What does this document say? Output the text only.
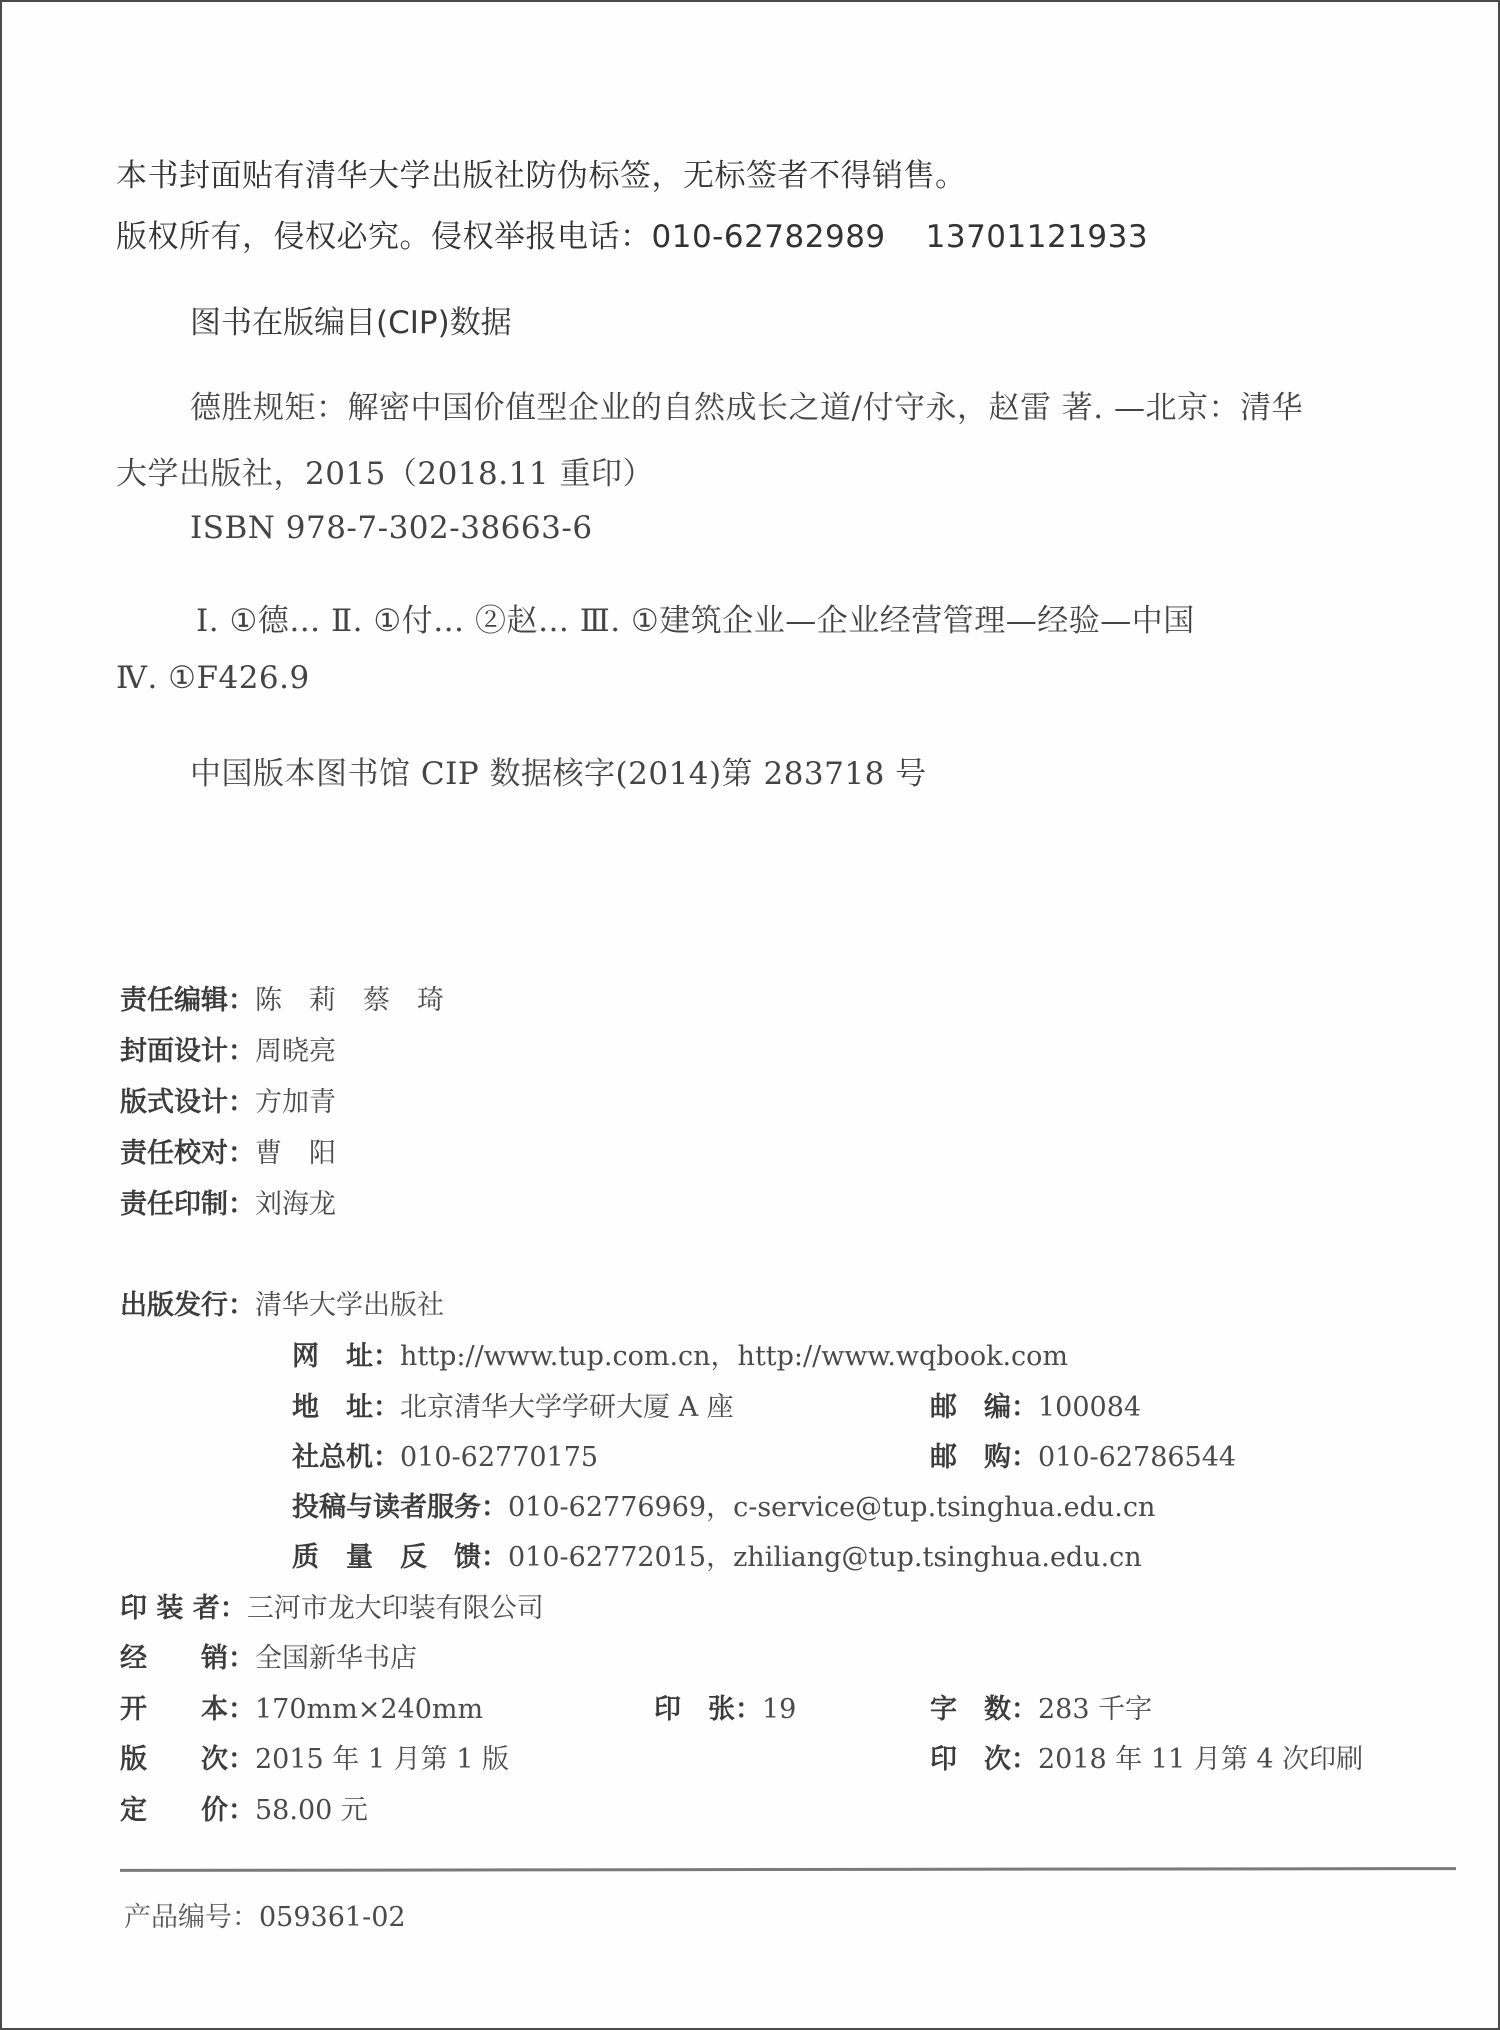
本书封面贴有清华大学出版社防伪标签，无标签者不得销售。
版权所有，侵权必究。侵权举报电话：010-62782989 13701121933
图书在版编目(CIP)数据
德胜规矩：解密中国价值型企业的自然成长之道/付守永，赵雷 著. —北京：清华
大学出版社，2015（2018.11 重印）
ISBN 978-7-302-38663-6
Ⅰ. ①德… Ⅱ. ①付… ②赵… Ⅲ. ①建筑企业—企业经营管理—经验—中国
Ⅳ. ①F426.9
中国版本图书馆 CIP 数据核字(2014)第 283718 号
责任编辑：陈　莉　蔡　琦
封面设计：周晓亮
版式设计：方加青
责任校对：曹　阳
责任印制：刘海龙
出版发行：清华大学出版社
网　址：http://www.tup.com.cn，http://www.wqbook.com
地　址：北京清华大学学研大厦 A 座	邮　编：100084
社总机：010-62770175	邮　购：010-62786544
投稿与读者服务：010-62776969，c-service@tup.tsinghua.edu.cn
质　量　反　馈：010-62772015，zhiliang@tup.tsinghua.edu.cn
印 装 者：三河市龙大印装有限公司
经　　销：全国新华书店
开　　本：170mm×240mm	印　张：19	字　数：283 千字
版　　次：2015 年 1 月第 1 版	印　次：2018 年 11 月第 4 次印刷
定　　价：58.00 元
产品编号：059361-02
